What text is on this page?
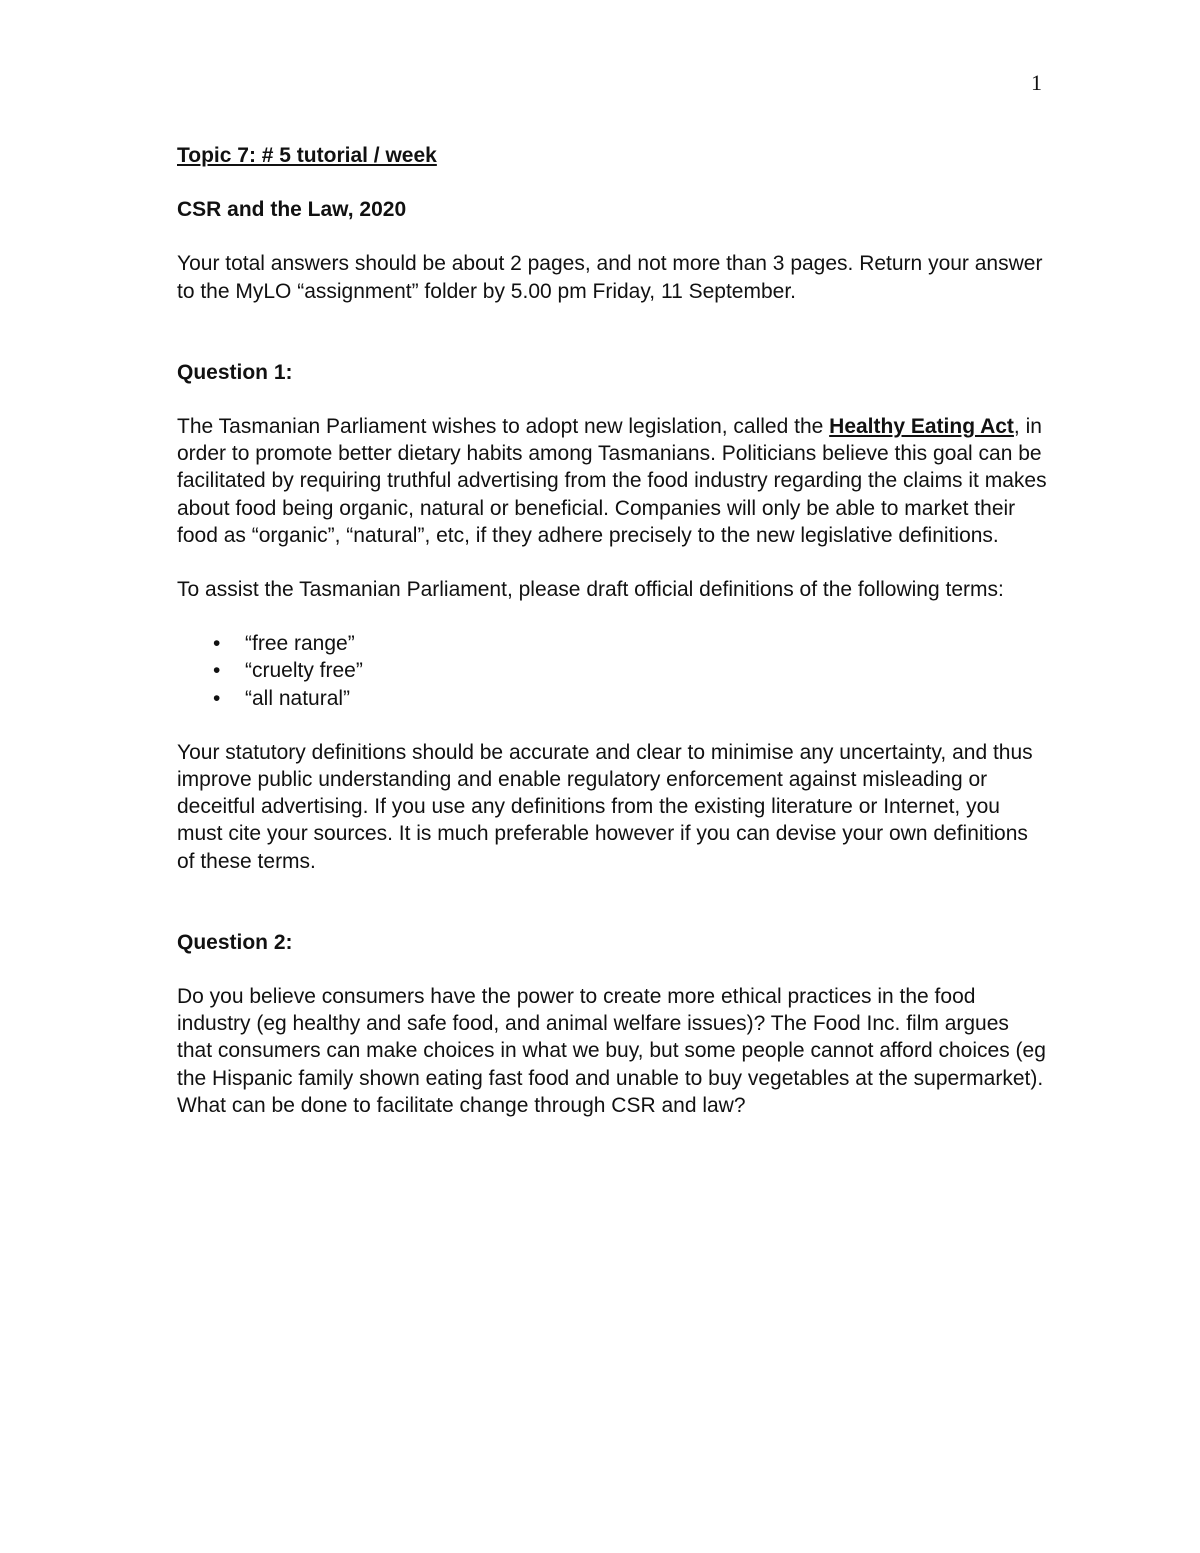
1
Topic 7: # 5 tutorial / week
CSR and the Law, 2020

Your total answers should be about 2 pages, and not more than 3 pages. Return your answer to the MyLO “assignment” folder by 5.00 pm Friday, 11 September.

Question 1:

The Tasmanian Parliament wishes to adopt new legislation, called the Healthy Eating Act, in order to promote better dietary habits among Tasmanians. Politicians believe this goal can be facilitated by requiring truthful advertising from the food industry regarding the claims it makes about food being organic, natural or beneficial. Companies will only be able to market their food as “organic”, “natural”, etc, if they adhere precisely to the new legislative definitions.

To assist the Tasmanian Parliament, please draft official definitions of the following terms:

• “free range”
• “cruelty free”
• “all natural”

Your statutory definitions should be accurate and clear to minimise any uncertainty, and thus improve public understanding and enable regulatory enforcement against misleading or deceitful advertising. If you use any definitions from the existing literature or Internet, you must cite your sources. It is much preferable however if you can devise your own definitions of these terms.

Question 2:

Do you believe consumers have the power to create more ethical practices in the food industry (eg healthy and safe food, and animal welfare issues)? The Food Inc. film argues that consumers can make choices in what we buy, but some people cannot afford choices (eg the Hispanic family shown eating fast food and unable to buy vegetables at the supermarket). What can be done to facilitate change through CSR and law?
